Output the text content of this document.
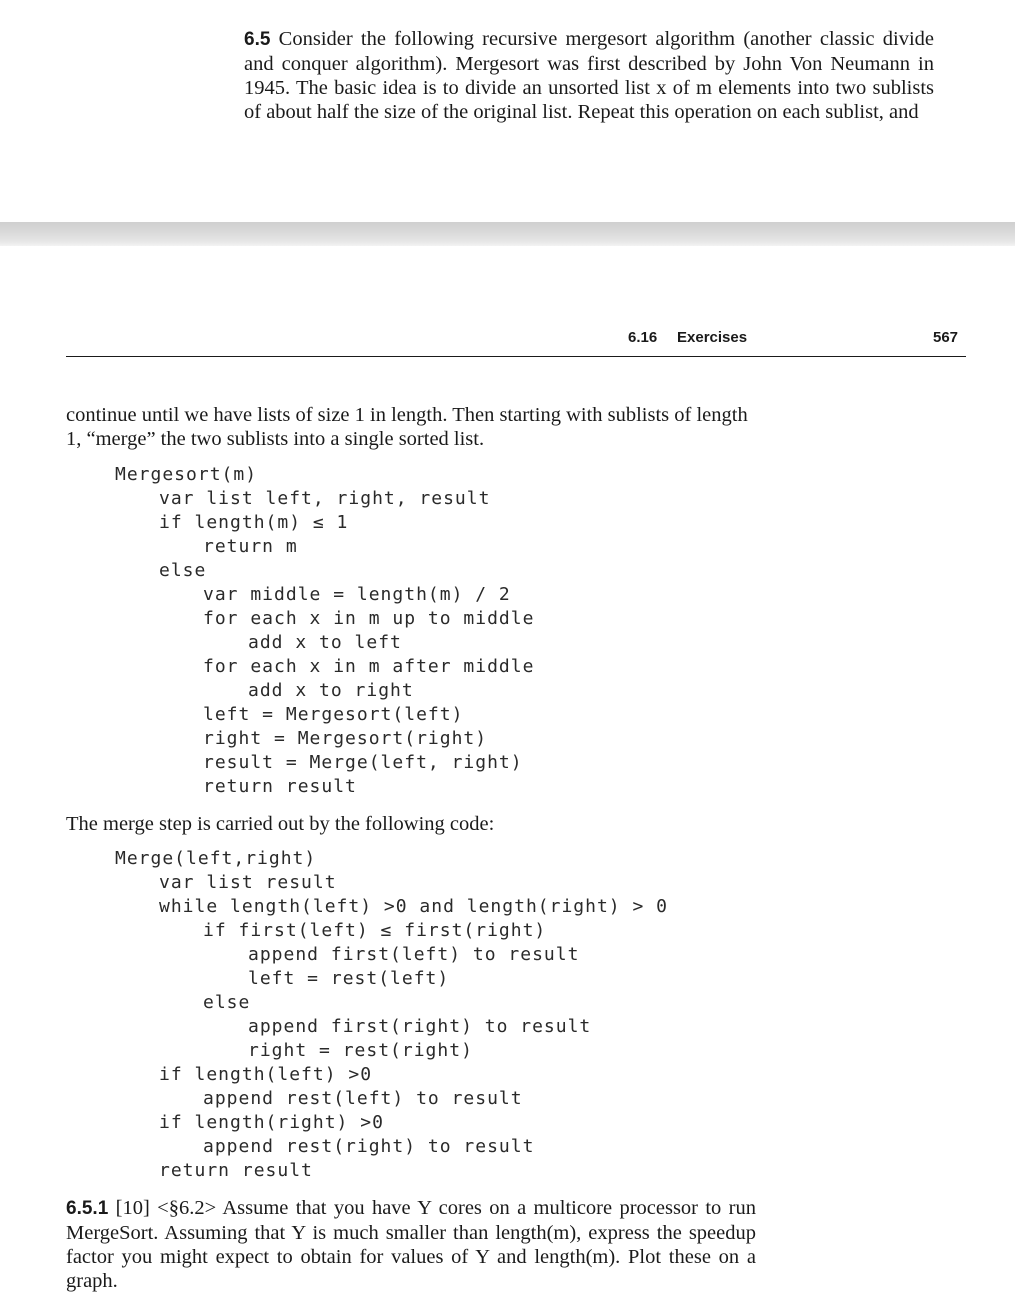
6.5 Consider the following recursive mergesort algorithm (another classic divide and conquer algorithm). Mergesort was first described by John Von Neumann in 1945. The basic idea is to divide an unsorted list x of m elements into two sublists of about half the size of the original list. Repeat this operation on each sublist, and

6.16 Exercises	567

continue until we have lists of size 1 in length. Then starting with sublists of length 1, “merge” the two sublists into a single sorted list.

Mergesort(m)
var list left, right, result
if length(m) ≤ 1
return m
else
var middle = length(m) / 2
for each x in m up to middle
add x to left
for each x in m after middle
add x to right
left = Mergesort(left)
right = Mergesort(right)
result = Merge(left, right)
return result

The merge step is carried out by the following code:

Merge(left,right)
var list result
while length(left) >0 and length(right) > 0
if first(left) ≤ first(right)
append first(left) to result
left = rest(left)
else
append first(right) to result
right = rest(right)
if length(left) >0
append rest(left) to result
if length(right) >0
append rest(right) to result
return result

6.5.1 [10] <§6.2> Assume that you have Y cores on a multicore processor to run MergeSort. Assuming that Y is much smaller than length(m), express the speedup factor you might expect to obtain for values of Y and length(m). Plot these on a graph.
